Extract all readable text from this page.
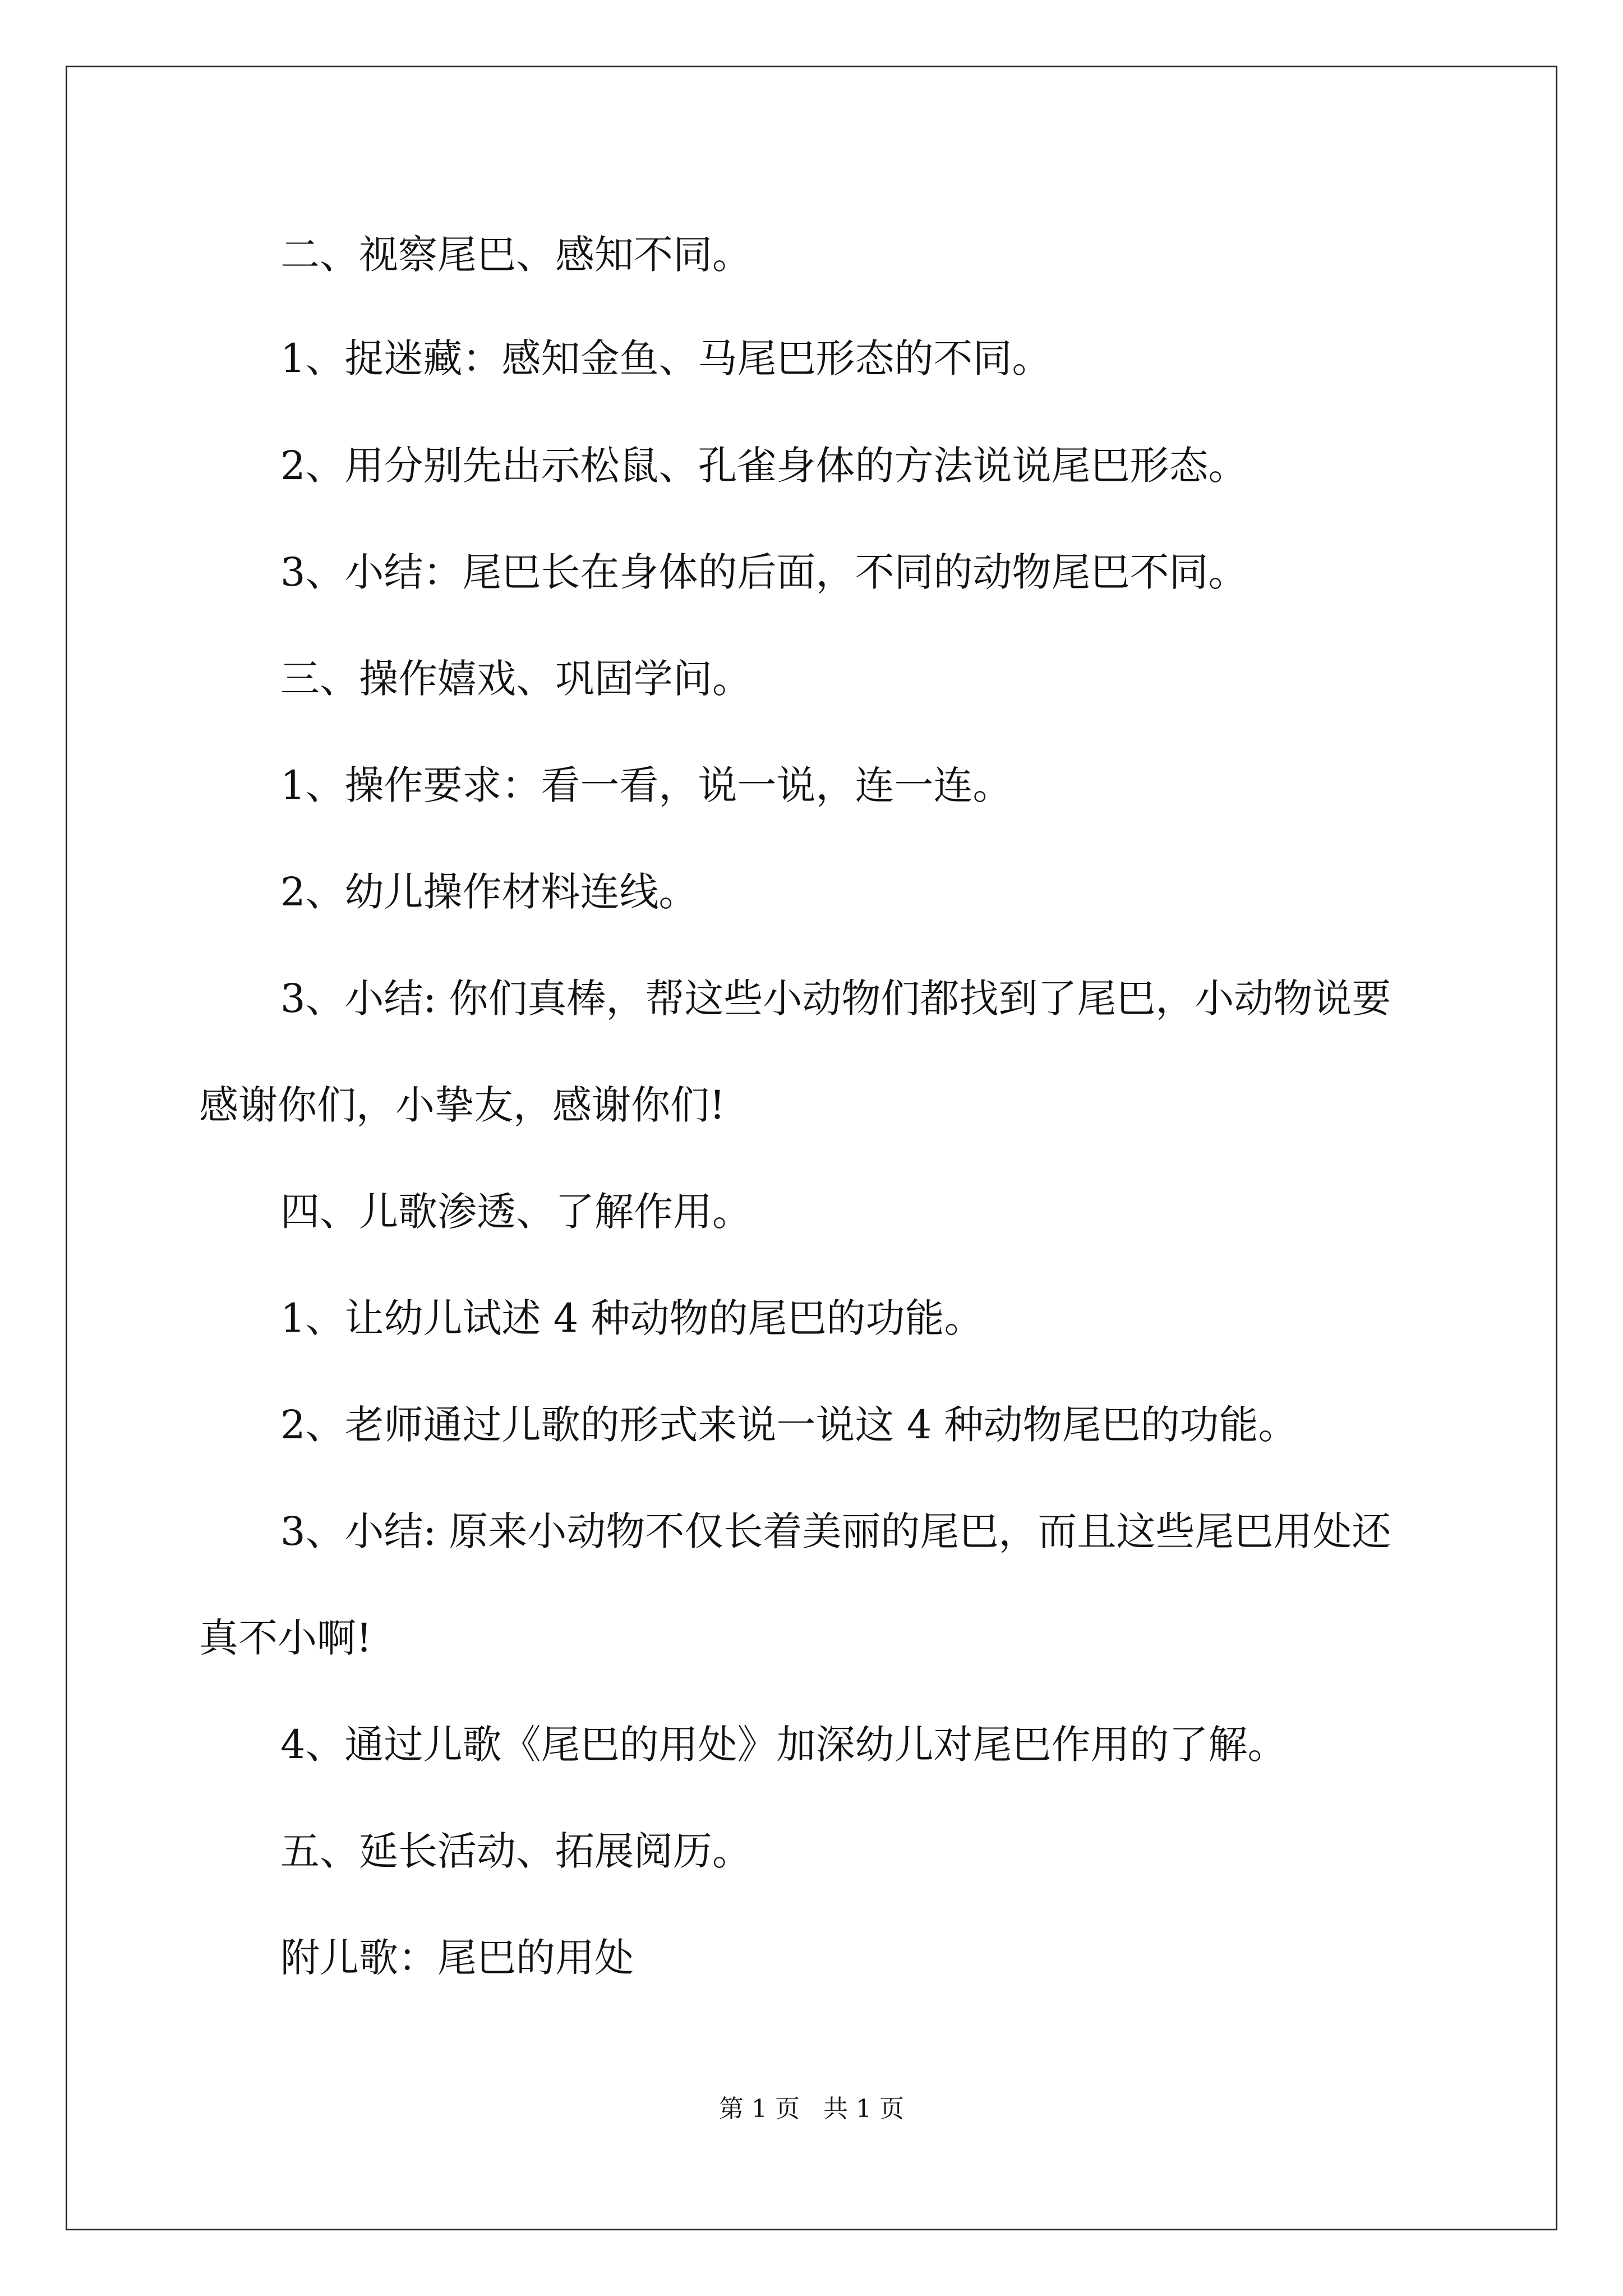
二、视察尾巴、感知不同。
1、捉迷藏：感知金鱼、马尾巴形态的不同。
2、用分别先出示松鼠、孔雀身体的方法说说尾巴形态。
3、小结：尾巴长在身体的后面，不同的动物尾巴不同。
三、操作嬉戏、巩固学问。
1、操作要求：看一看，说一说，连一连。
2、幼儿操作材料连线。
3、小结: 你们真棒，帮这些小动物们都找到了尾巴，小动物说要
感谢你们，小挚友，感谢你们!
四、儿歌渗透、了解作用。
1、让幼儿试述 4 种动物的尾巴的功能。
2、老师通过儿歌的形式来说一说这 4 种动物尾巴的功能。
3、小结: 原来小动物不仅长着美丽的尾巴，而且这些尾巴用处还
真不小啊!
4、通过儿歌《尾巴的用处》加深幼儿对尾巴作用的了解。
五、延长活动、拓展阅历。
附儿歌：尾巴的用处
第 1 页   共 1 页
